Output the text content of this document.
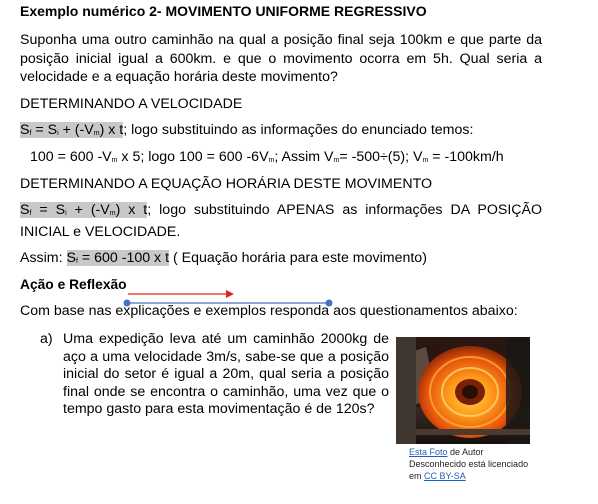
Exemplo numérico 2- MOVIMENTO UNIFORME REGRESSIVO
Suponha uma outro caminhão na qual a posição final seja 100km e que parte da posição inicial igual a 600km. e que o movimento ocorra em 5h. Qual seria a velocidade e a equação horária deste movimento?
DETERMINANDO A VELOCIDADE
$S_f = S_i + (-V_m)$ x t; logo substituindo as informações do enunciado temos:
100 = 600 $-V_m$ x 5; logo 100 = 600 $-6V_m$; Assim $V_m= -500\div(5)$; $V_m = -100km/h$
DETERMINANDO A EQUAÇÃO HORÁRIA DESTE MOVIMENTO
$S_f = S_i + (-V_m)$ x t; logo substituindo APENAS as informações DA POSIÇÃO INICIAL e VELOCIDADE.
Assim: $S_f = 600$ -100 x t ( Equação horária para este movimento)
Ação e Reflexão
Com base nas explicações e exemplos responda aos questionamentos abaixo:
a) Uma expedição leva até um caminhão 2000kg de aço a uma velocidade 3m/s, sabe-se que a posição inicial do setor é igual a 20m, qual seria a posição final onde se encontra o caminhão, uma vez que o tempo gasto para esta movimentação é de 120s?
Esta Foto de Autor Desconhecido está licenciado em CC BY-SA
